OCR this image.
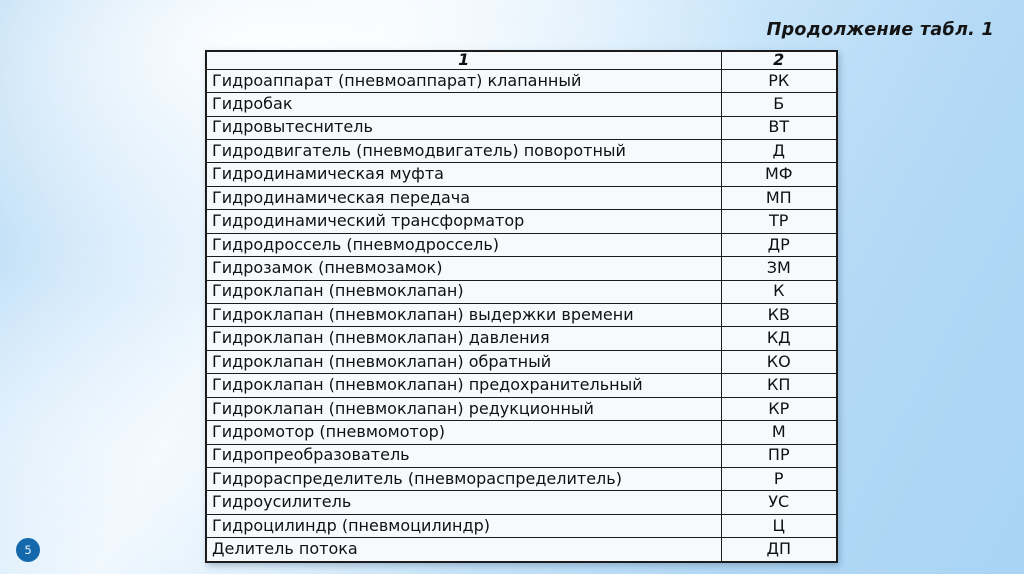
Продолжение табл. 1
1	2
Гидроаппарат (пневмоаппарат) клапанный	РК
Гидробак	Б
Гидровытеснитель	ВТ
Гидродвигатель (пневмодвигатель) поворотный	Д
Гидродинамическая муфта	МФ
Гидродинамическая передача	МП
Гидродинамический трансформатор	ТР
Гидродроссель (пневмодроссель)	ДР
Гидрозамок (пневмозамок)	ЗМ
Гидроклапан (пневмоклапан)	К
Гидроклапан (пневмоклапан) выдержки времени	КВ
Гидроклапан (пневмоклапан) давления	КД
Гидроклапан (пневмоклапан) обратный	КО
Гидроклапан (пневмоклапан) предохранительный	КП
Гидроклапан (пневмоклапан) редукционный	КР
Гидромотор (пневмомотор)	М
Гидропреобразователь	ПР
Гидрораспределитель (пневмораспределитель)	Р
Гидроусилитель	УС
Гидроцилиндр (пневмоцилиндр)	Ц
Делитель потока	ДП
5
